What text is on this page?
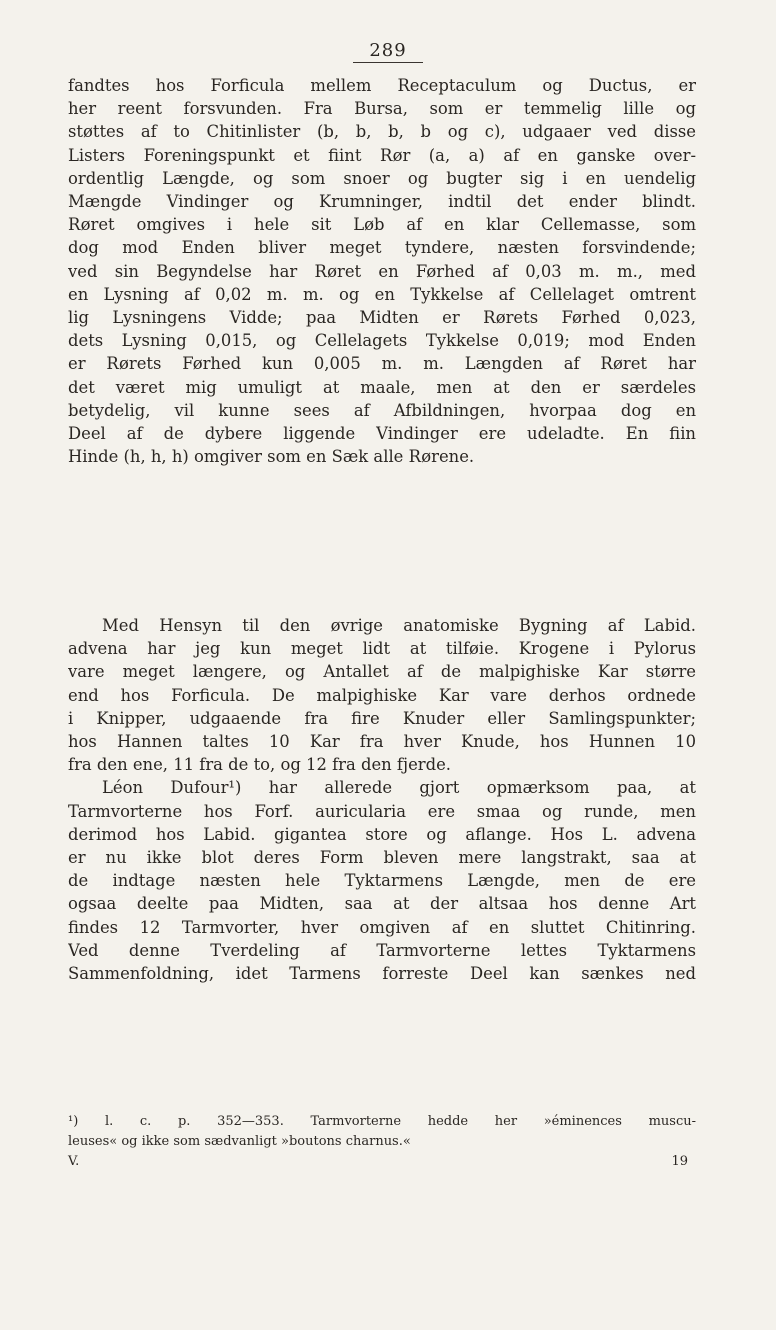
289

fandtes hos Forficula mellem Receptaculum og Ductus, er

her reent forsvunden. Fra Bursa, som er temmelig lille og

støttes af to Chitinlister (b, b, b, b og c), udgaaer ved disse

Listers Foreningspunkt et fiint Rør (a, a) af en ganske over-

ordentlig Længde, og som snoer og bugter sig i en uendelig

Mængde Vindinger og Krumninger, indtil det ender blindt.

Røret omgives i hele sit Løb af en klar Cellemasse, som

dog mod Enden bliver meget tyndere, næsten forsvindende;

ved sin Begyndelse har Røret en Førhed af 0,03 m. m., med

en Lysning af 0,02 m. m. og en Tykkelse af Cellelaget omtrent

lig Lysningens Vidde; paa Midten er Rørets Førhed 0,023,

dets Lysning 0,015, og Cellelagets Tykkelse 0,019; mod Enden

er Rørets Førhed kun 0,005 m. m. Længden af Røret har

det været mig umuligt at maale, men at den er særdeles

betydelig, vil kunne sees af Afbildningen, hvorpaa dog en

Deel af de dybere liggende Vindinger ere udeladte. En fiin

Hinde (h, h, h) omgiver som en Sæk alle Rørene.

Med Hensyn til den øvrige anatomiske Bygning af Labid.

advena har jeg kun meget lidt at tilføie. Krogene i Pylorus

vare meget længere, og Antallet af de malpighiske Kar større

end hos Forficula. De malpighiske Kar vare derhos ordnede

i Knipper, udgaaende fra fire Knuder eller Samlingspunkter;

hos Hannen taltes 10 Kar fra hver Knude, hos Hunnen 10

fra den ene, 11 fra de to, og 12 fra den fjerde.

Léon Dufour¹) har allerede gjort opmærksom paa, at

Tarmvorterne hos Forf. auricularia ere smaa og runde, men

derimod hos Labid. gigantea store og aflange. Hos L. advena

er nu ikke blot deres Form bleven mere langstrakt, saa at

de indtage næsten hele Tyktarmens Længde, men de ere

ogsaa deelte paa Midten, saa at der altsaa hos denne Art

findes 12 Tarmvorter, hver omgiven af en sluttet Chitinring.

Ved denne Tverdeling af Tarmvorterne lettes Tyktarmens

Sammenfoldning, idet Tarmens forreste Deel kan sænkes ned

¹) l. c. p. 352—353. Tarmvorterne hedde her »éminences muscu-

leuses« og ikke som sædvanligt »boutons charnus.«

V.	19
